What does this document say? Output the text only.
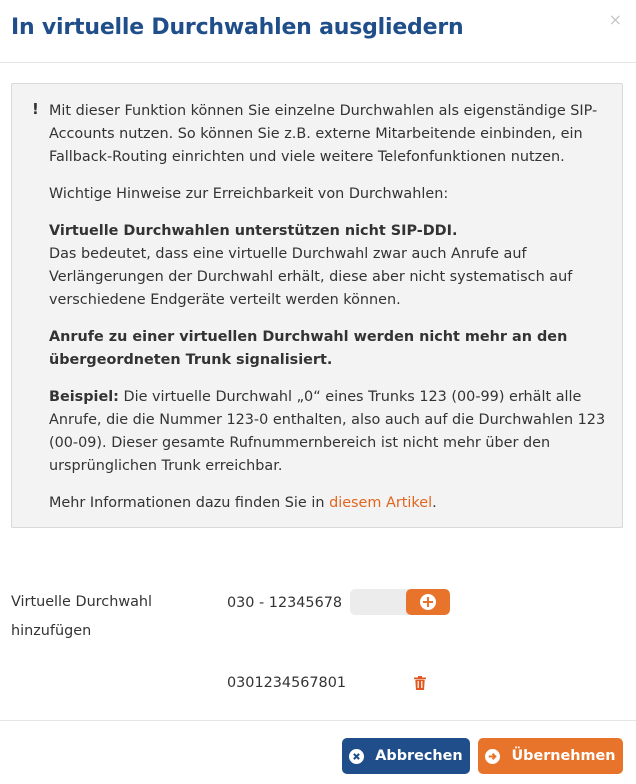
In virtuelle Durchwahlen ausgliedern	×
! Mit dieser Funktion können Sie einzelne Durchwahlen als eigenständige SIP-Accounts nutzen. So können Sie z.B. externe Mitarbeitende einbinden, ein Fallback-Routing einrichten und viele weitere Telefonfunktionen nutzen.

Wichtige Hinweise zur Erreichbarkeit von Durchwahlen:

Virtuelle Durchwahlen unterstützen nicht SIP-DDI.
Das bedeutet, dass eine virtuelle Durchwahl zwar auch Anrufe auf Verlängerungen der Durchwahl erhält, diese aber nicht systematisch auf verschiedene Endgeräte verteilt werden können.

Anrufe zu einer virtuellen Durchwahl werden nicht mehr an den übergeordneten Trunk signalisiert.

Beispiel: Die virtuelle Durchwahl „0“ eines Trunks 123 (00-99) erhält alle Anrufe, die die Nummer 123-0 enthalten, also auch auf die Durchwahlen 123 (00-09). Dieser gesamte Rufnummernbereich ist nicht mehr über den ursprünglichen Trunk erreichbar.

Mehr Informationen dazu finden Sie in diesem Artikel.

Virtuelle Durchwahl hinzufügen
030 - 12345678
0301234567801
Abbrechen	Übernehmen
